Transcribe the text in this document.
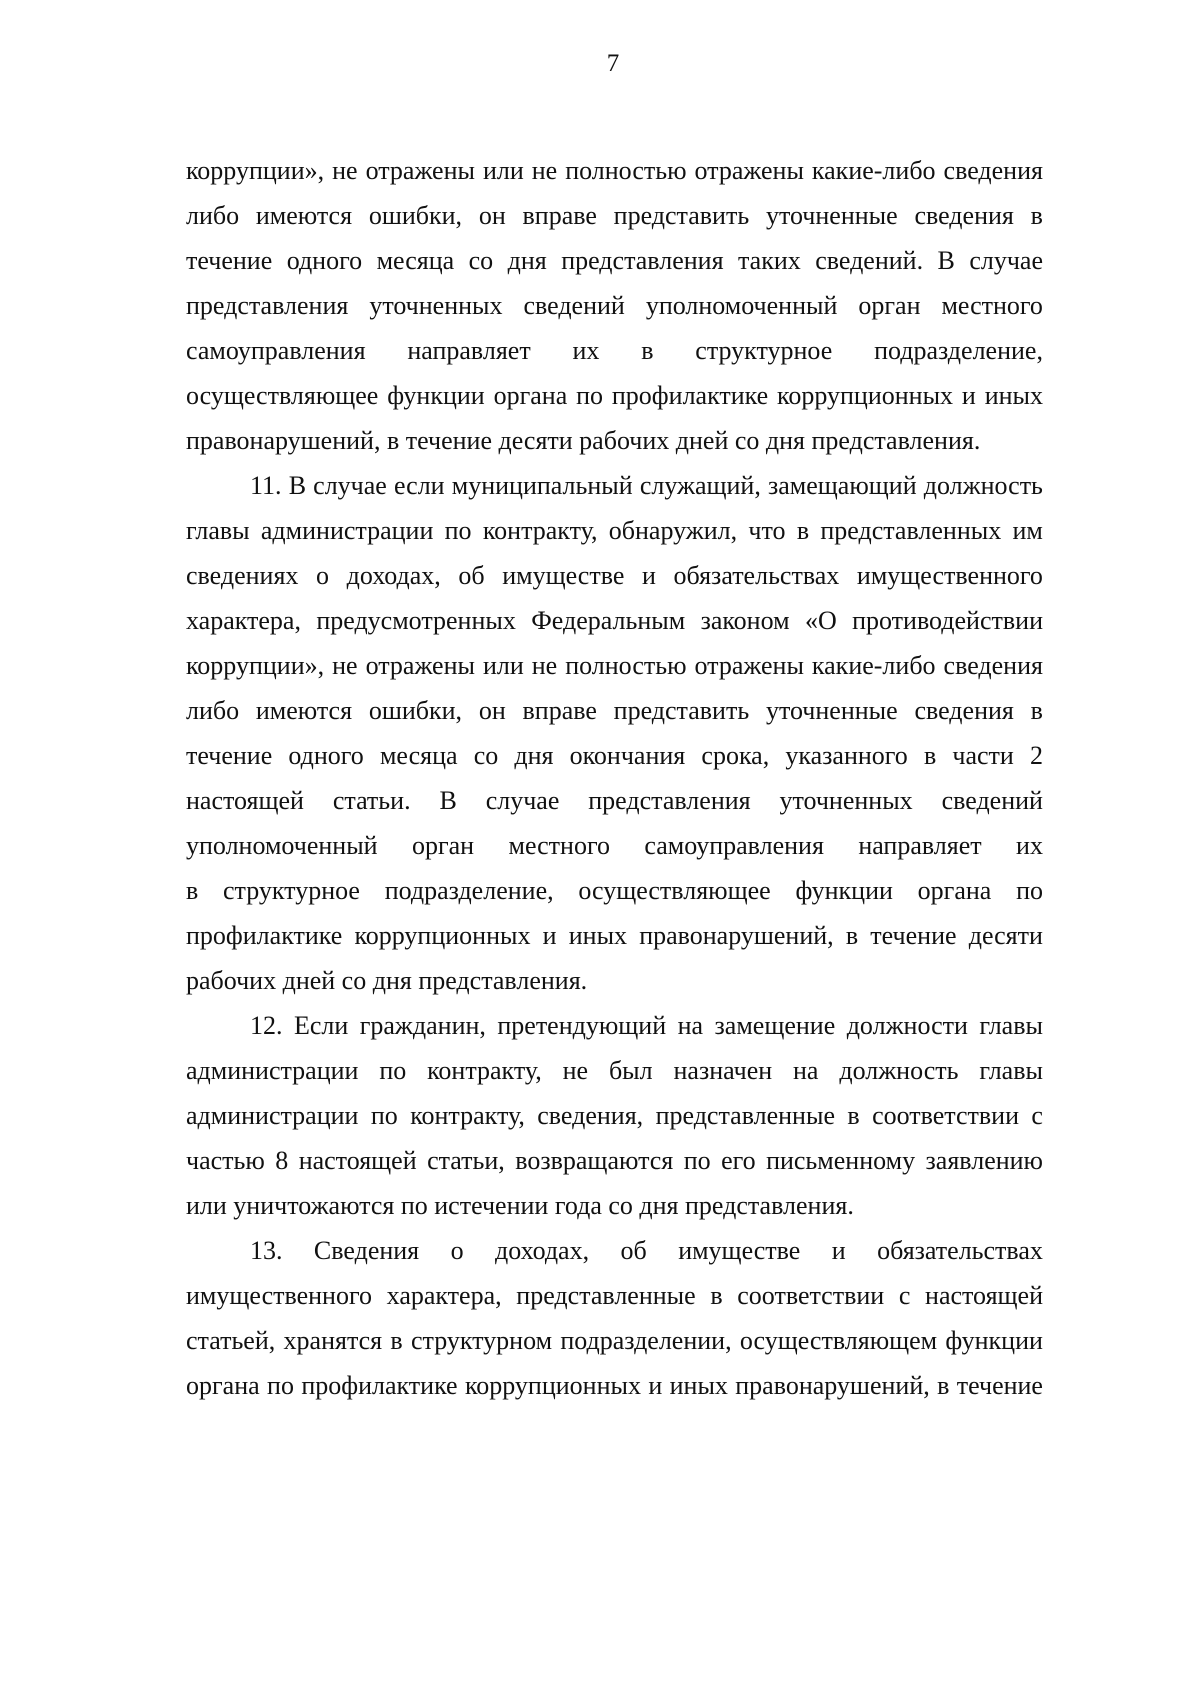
7
коррупции», не отражены или не полностью отражены какие-либо сведения
либо имеются ошибки, он вправе представить уточненные сведения в
течение одного месяца со дня представления таких сведений. В случае
представления уточненных сведений уполномоченный орган местного
самоуправления направляет их в структурное подразделение,
осуществляющее функции органа по профилактике коррупционных и иных
правонарушений, в течение десяти рабочих дней со дня представления.
11. В случае если муниципальный служащий, замещающий должность
главы администрации по контракту, обнаружил, что в представленных им
сведениях о доходах, об имуществе и обязательствах имущественного
характера, предусмотренных Федеральным законом «О противодействии
коррупции», не отражены или не полностью отражены какие-либо сведения
либо имеются ошибки, он вправе представить уточненные сведения в
течение одного месяца со дня окончания срока, указанного в части 2
настоящей статьи. В случае представления уточненных сведений
уполномоченный орган местного самоуправления направляет их
в структурное подразделение, осуществляющее функции органа по
профилактике коррупционных и иных правонарушений, в течение десяти
рабочих дней со дня представления.
12. Если гражданин, претендующий на замещение должности главы
администрации по контракту, не был назначен на должность главы
администрации по контракту, сведения, представленные в соответствии с
частью 8 настоящей статьи, возвращаются по его письменному заявлению
или уничтожаются по истечении года со дня представления.
13. Сведения о доходах, об имуществе и обязательствах
имущественного характера, представленные в соответствии с настоящей
статьей, хранятся в структурном подразделении, осуществляющем функции
органа по профилактике коррупционных и иных правонарушений, в течение
